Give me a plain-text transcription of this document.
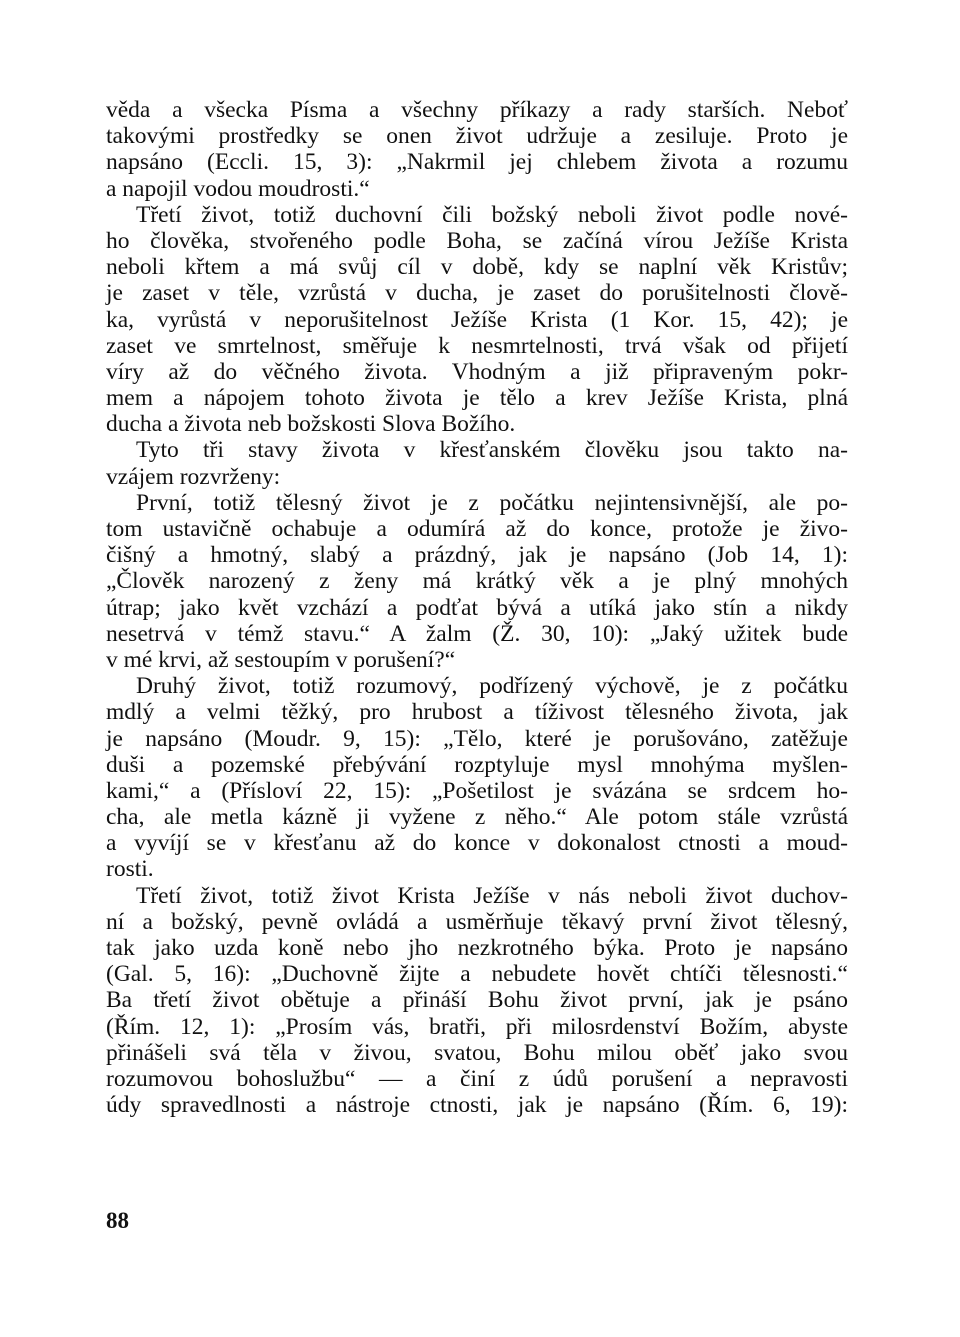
věda a všecka Písma a všechny příkazy a rady starších. Neboť
takovými prostředky se onen život udržuje a zesiluje. Proto je
napsáno (Eccli. 15, 3): „Nakrmil jej chlebem života a rozumu
a napojil vodou moudrosti.“
Třetí život, totiž duchovní čili božský neboli život podle nové-
ho člověka, stvořeného podle Boha, se začíná vírou Ježíše Krista
neboli křtem a má svůj cíl v době, kdy se naplní věk Kristův;
je zaset v těle, vzrůstá v ducha, je zaset do porušitelnosti člově-
ka, vyrůstá v neporušitelnost Ježíše Krista (1 Kor. 15, 42); je
zaset ve smrtelnost, směřuje k nesmrtelnosti, trvá však od přijetí
víry až do věčného života. Vhodným a již připraveným pokr-
mem a nápojem tohoto života je tělo a krev Ježíše Krista, plná
ducha a života neb božskosti Slova Božího.
Tyto tři stavy života v křesťanském člověku jsou takto na-
vzájem rozvrženy:
První, totiž tělesný život je z počátku nejintensivnější, ale po-
tom ustavičně ochabuje a odumírá až do konce, protože je živo-
čišný a hmotný, slabý a prázdný, jak je napsáno (Job 14, 1):
„Člověk narozený z ženy má krátký věk a je plný mnohých
útrap; jako květ vzchází a podťat bývá a utíká jako stín a nikdy
nesetrvá v témž stavu.“ A žalm (Ž. 30, 10): „Jaký užitek bude
v mé krvi, až sestoupím v porušení?“
Druhý život, totiž rozumový, podřízený výchově, je z počátku
mdlý a velmi těžký, pro hrubost a tíživost tělesného života, jak
je napsáno (Moudr. 9, 15): „Tělo, které je porušováno, zatěžuje
duši a pozemské přebývání rozptyluje mysl mnohýma myšlen-
kami,“ a (Přísloví 22, 15): „Pošetilost je svázána se srdcem ho-
cha, ale metla kázně ji vyžene z něho.“ Ale potom stále vzrůstá
a vyvíjí se v křesťanu až do konce v dokonalost ctnosti a moud-
rosti.
Třetí život, totiž život Krista Ježíše v nás neboli život duchov-
ní a božský, pevně ovládá a usměrňuje těkavý první život tělesný,
tak jako uzda koně nebo jho nezkrotného býka. Proto je napsáno
(Gal. 5, 16): „Duchovně žijte a nebudete hovět chtíči tělesnosti.“
Ba třetí život obětuje a přináší Bohu život první, jak je psáno
(Řím. 12, 1): „Prosím vás, bratři, při milosrdenství Božím, abyste
přinášeli svá těla v živou, svatou, Bohu milou oběť jako svou
rozumovou bohoslužbu“ — a činí z údů porušení a nepravosti
údy spravedlnosti a nástroje ctnosti, jak je napsáno (Řím. 6, 19):
88
